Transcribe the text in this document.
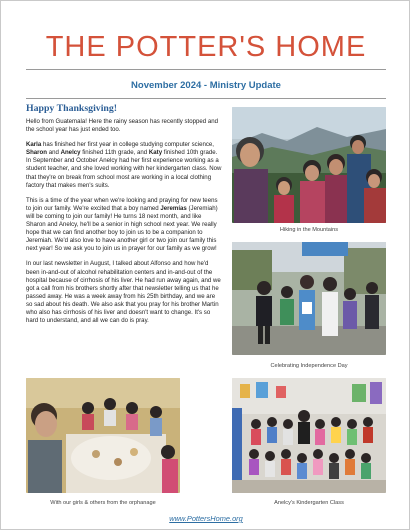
THE POTTER'S HOME
November 2024 - Ministry Update
Happy Thanksgiving!

Hello from Guatemala! Here the rainy season has recently stopped and the school year has just ended too.

Karla has finished her first year in college studying computer science, Sharon and Anelcy finished 11th grade, and Katy finished 10th grade. In September and October Anelcy had her first experience working as a student teacher, and she loved working with her kindergarten class. Now that they're on break from school most are working in a local clothing factory that makes men's suits.

This is a time of the year when we're looking and praying for new teens to join our family. We're excited that a boy named Jeremías (Jeremiah) will be coming to join our family! He turns 18 next month, and like Sharon and Anelcy, he'll be a senior in high school next year. We really hope that we can find another boy to join us to be a companion to Jeremiah. We'd also love to have another girl or two join our family this next year! So we ask you to join us in prayer for our family as we grow!

In our last newsletter in August, I talked about Alfonso and how he'd been in-and-out of alcohol rehabilitation centers and in-and-out of the hospital because of cirrhosis of his liver. He had run away again, and we got a call from his brothers shortly after that newsletter telling us that he passed away. He was a week away from his 25th birthday, and we are so sad about his death. We also ask that you pray for his brother Martin who also has cirrhosis of his liver and doesn't want to change. It's so hard to understand, and all we can do is pray.

Hiking in the Mountains
Celebrating Independence Day
With our girls & others from the orphanage	Anelcy's Kindergarten Class
www.PottersHome.org
